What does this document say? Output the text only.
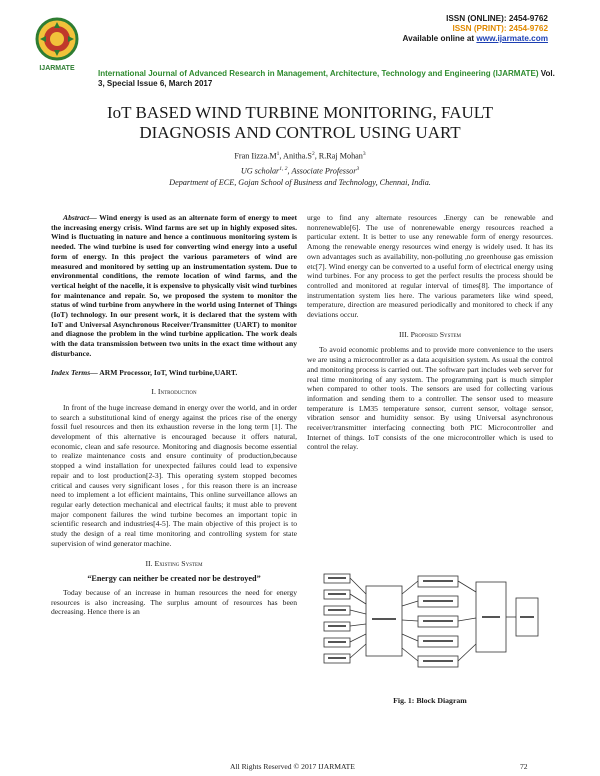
IJARMATE
ISSN (ONLINE): 2454-9762
ISSN (PRINT): 2454-9762
Available online at www.ijarmate.com
International Journal of Advanced Research in Management, Architecture, Technology and Engineering (IJARMATE) Vol. 3, Special Issue 6, March 2017
IoT BASED WIND TURBINE MONITORING, FAULT DIAGNOSIS AND CONTROL USING UART
Fran $Iizza.M^1$, $Anitha.S^2$, R.Raj Mohan$^3$
UG scholar$^{1, 2}$, Associate Professor$^3$
Department of ECE, Gojan School of Business and Technology, Chennai, India.

Abstract— Wind energy is used as an alternate form of energy to meet the increasing energy crisis. Wind farms are set up in highly exposed sites. Wind is fluctuating in nature and hence a continuous monitoring system is needed. The wind turbine is used for converting wind energy into a useful form of energy. In this project the various parameters of wind are measured and monitored by setting up an instrumentation system. Due to environmental conditions, the remote location of wind farms, and the vertical height of the nacelle, it is expensive to physically visit wind turbines for maintenance and repair. So, we proposed the system to monitor the status of wind turbine from anywhere in the world using Internet of Things (IoT) technology. In our present work, it is declared that the system with IoT and Universal Asynchronous Receiver/Transmitter (UART) to monitor and diagnose the problem in the wind turbine application. The work deals with the data transmission between two units in the exact time without any disturbance.

Index Terms— ARM Processor, IoT, Wind turbine,UART.

I. Introduction

In front of the huge increase demand in energy over the world, and in order to search a substitutional kind of energy against the prices rise of the energy fossil fuel resources and then its exhaustion reverse in the long term [1]. The development of this alternative is encouraged because it offers natural, economic, clean and safe resource. Monitoring and diagnosis become essential to realize maintenance costs and ensure continuity of production,because stopped a wind installation for unexpected failures could lead to expensive repair and to lost production[2-3]. This operating system stopped becomes critical and causes very significant loses , for this reason there is an increase need to implement a lot efficient maintains, This online surveillance allows an regular early detection mechanical and electrical faults; it must able to prevent major component failures the wind turbine becomes an important topic in scientific research and industries[4-5]. The main objective of this project is to study the design of a real time monitoring and controlling system for state supervision of wind generator machine.

II. Existing System

“Energy can neither be created nor be destroyed”

Today because of an increase in human resources the need for energy resources is also increasing. The surplus amount of resources has been decreasing. Hence there is an

urge to find any alternate resources .Energy can be renewable and nonrenewable[6]. The use of nonrenewable energy resources reached a particular extent. It is better to use any renewable form of energy resources. Among the renewable energy resources wind energy is widely used. It has its own advantages such as availability, non-polluting ,no greenhouse gas emission etc[7]. Wind energy can be converted to a useful form of electrical energy using wind turbines. For any process to get the perfect results the process should be controlled and monitored at regular interval of times[8]. The importance of instrumentation system lies here. The various parameters like wind speed, temperature, direction are measured periodically and monitored to check if any deviations occur.

III. Proposed System

To avoid economic problems and to provide more convenience to the users we are using a microcontroller as a data acquisition system. As usual the control and monitoring process is carried out. The software part includes web server for real time monitoring of any system. The programming part is much simpler when compared to other tools. The sensors are used for collecting various information and sending them to a controller. The sensor used to measure temperature is LM35 temperature sensor, current sensor, voltage sensor, vibration sensor and humidity sensor. By using Universal asynchronous receiver/transmitter interfacing connecting both PIC Microcontroller and Internet of things. IoT consists of the one microcontroller which is used to control the relay.

Fig. 1: Block Diagram
All Rights Reserved © 2017 IJARMATE	72
